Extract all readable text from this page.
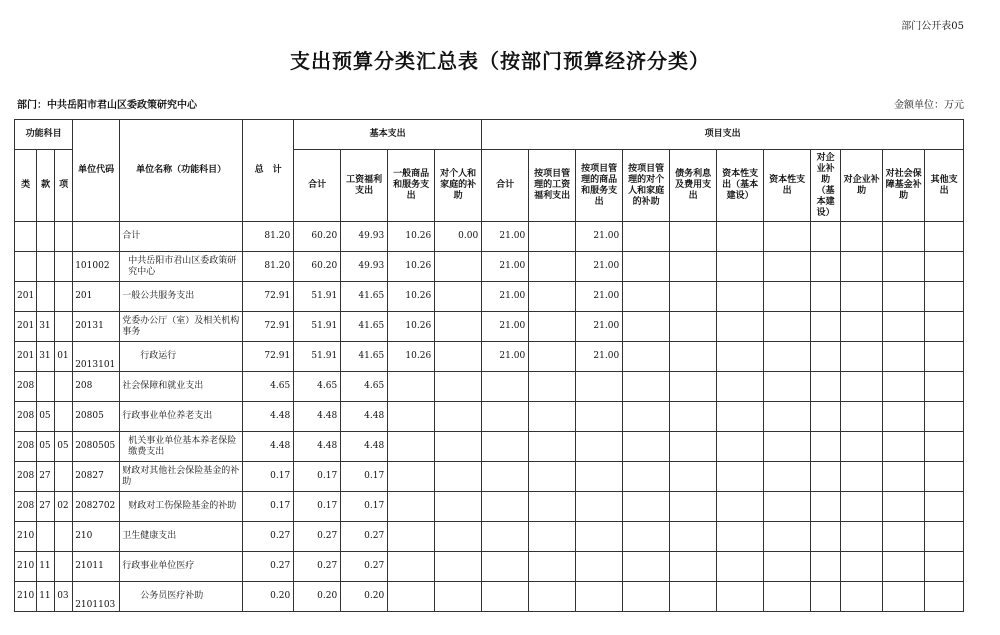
部门公开表05
支出预算分类汇总表（按部门预算经济分类）
部门：中共岳阳市君山区委政策研究中心	金额单位：万元
功能科目			单位代码	单位名称（功能科目）	总　计	基本支出				项目支出										
类	款	项				合计	工资福利支出	一般商品和服务支出	对个人和家庭的补助	合计	按项目管理的工资福利支出	按项目管理的商品和服务支出	按项目管理的对个人和家庭的补助	债务利息及费用支出	资本性支出（基本建设）	资本性支出	对企业补助（基本建设）	对企业补助	对社会保障基金补助	其他支出
				合计	81.20	60.20	49.93	10.26	0.00	21.00		21.00								
			101002	中共岳阳市君山区委政策研究中心	81.20	60.20	49.93	10.26		21.00		21.00								
201			201	一般公共服务支出	72.91	51.91	41.65	10.26		21.00		21.00								
201	31		20131	党委办公厅（室）及相关机构事务	72.91	51.91	41.65	10.26		21.00		21.00								
201	31	01	2013101	行政运行	72.91	51.91	41.65	10.26		21.00		21.00								
208			208	社会保障和就业支出	4.65	4.65	4.65													
208	05		20805	行政事业单位养老支出	4.48	4.48	4.48													
208	05	05	2080505	机关事业单位基本养老保险缴费支出	4.48	4.48	4.48													
208	27		20827	财政对其他社会保险基金的补助	0.17	0.17	0.17													
208	27	02	2082702	财政对工伤保险基金的补助	0.17	0.17	0.17													
210			210	卫生健康支出	0.27	0.27	0.27													
210	11		21011	行政事业单位医疗	0.27	0.27	0.27													
210	11	03	2101103	公务员医疗补助	0.20	0.20	0.20													
